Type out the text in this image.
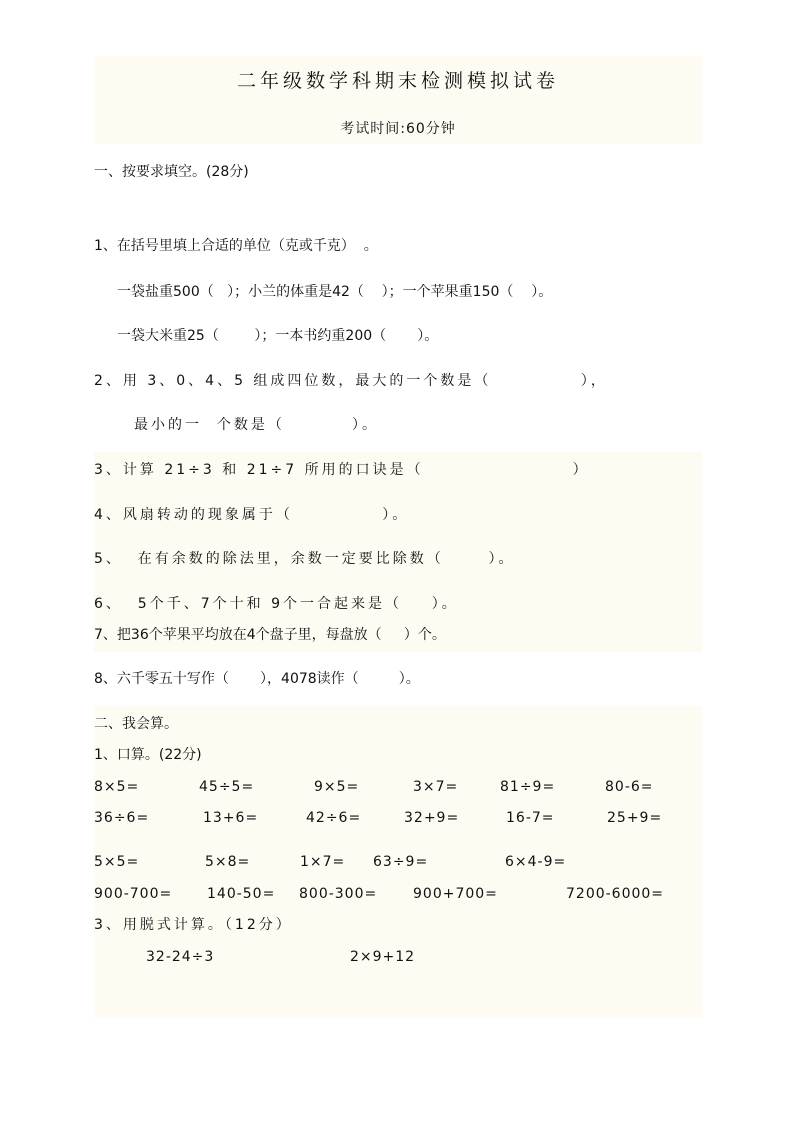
二年级数学科期末检测模拟试卷
考试时间:60分钟
一、按要求填空。(28分)
1、在括号里填上合适的单位（克或千克）  。
一袋盐重500（   ）；小兰的体重是42（    ）；一个苹果重150（    ）。
一袋大米重25（        ）；一本书约重200（       ）。
2、用 3、0、4、5 组成四位数，最大的一个数是（            ），
最小的一  个数是（         ）。
3、计算 21÷3 和 21÷7 所用的口诀是（                    ）
4、风扇转动的现象属于（            ）。
5、  在有余数的除法里，余数一定要比除数（      ）。
6、  5个千、7个十和 9个一合起来是（    ）。
7、把36个苹果平均放在4个盘子里，每盘放（     ）个。
8、六千零五十写作（       ），4078读作（         ）。
二、我会算。
1、口算。(22分)
8×5=	45÷5=	9×5=	3×7=	81÷9=	80-6=
36÷6=	13+6=	42÷6=	32+9=	16-7=	25+9=
5×5=	5×8=	1×7= 63÷9=	6×4-9=
900-700= 140-50= 800-300=	900+700=	7200-6000=
3、用脱式计算。（12分）
32-24÷3	2×9+12
